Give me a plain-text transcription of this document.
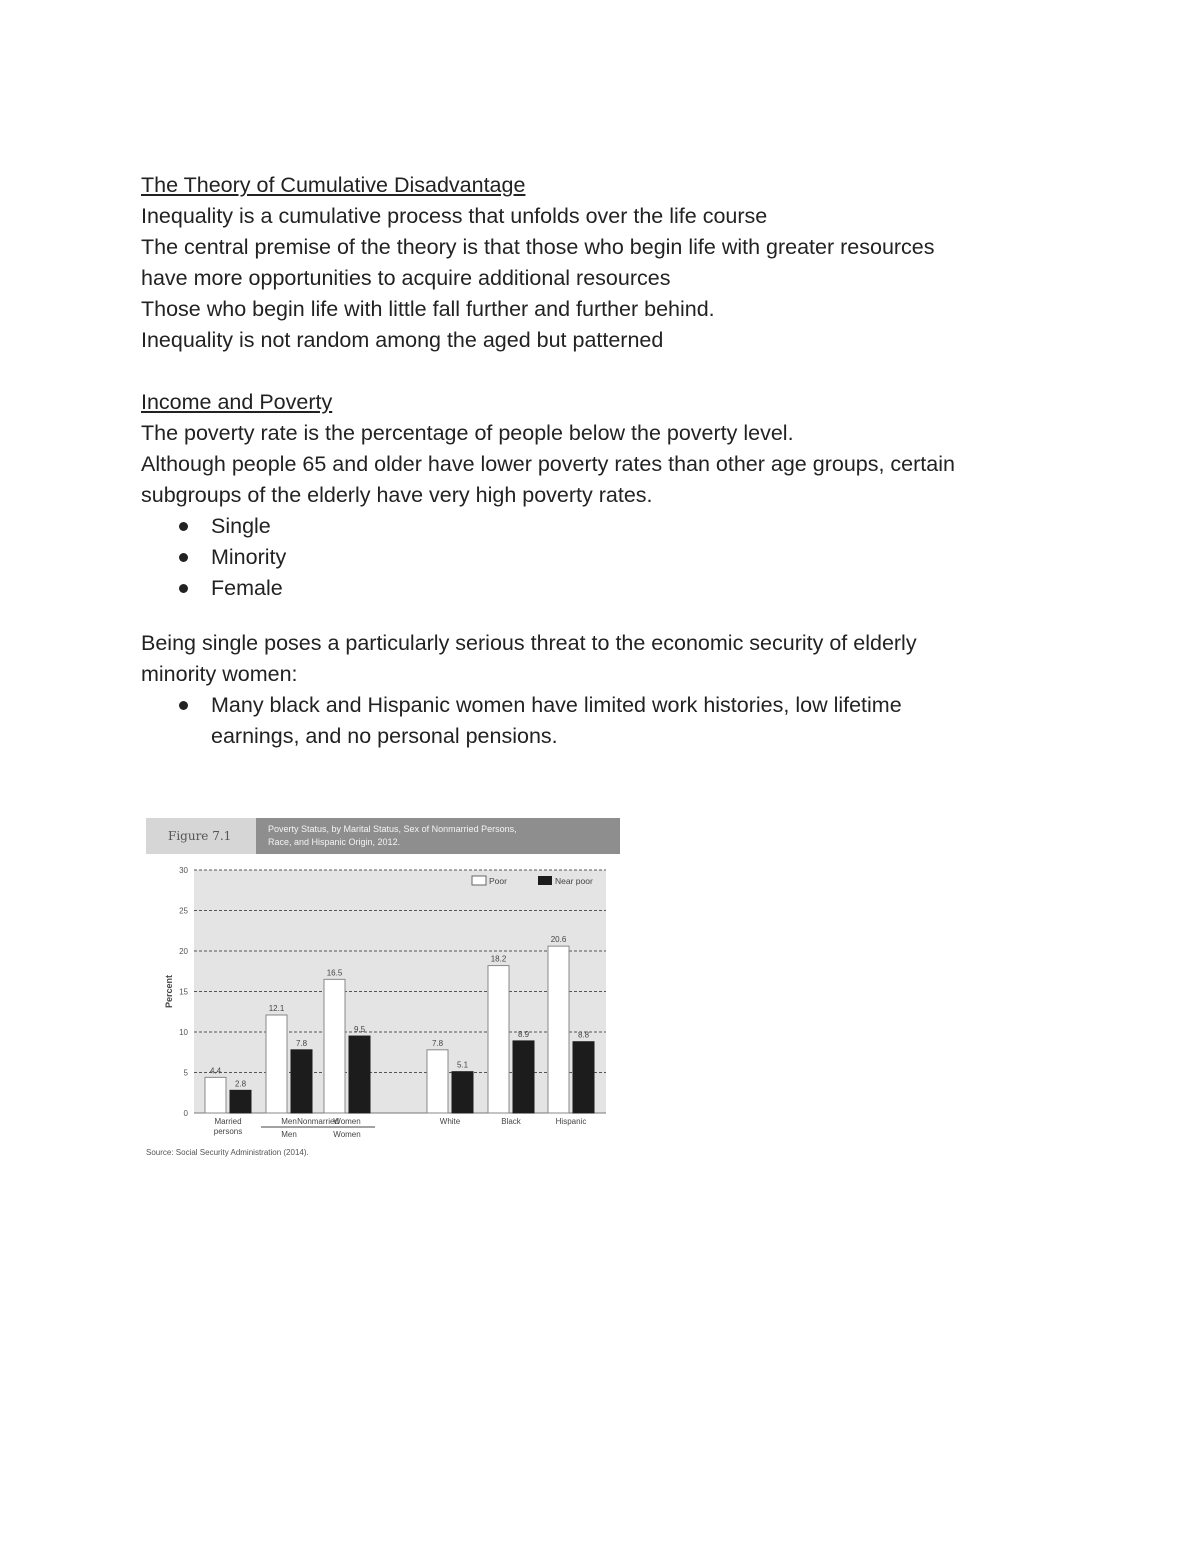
The Theory of Cumulative Disadvantage

Inequality is a cumulative process that unfolds over the life course

The central premise of the theory is that those who begin life with greater resources

have more opportunities to acquire additional resources

Those who begin life with little fall further and further behind.

Inequality is not random among the aged but patterned

Income and Poverty

The poverty rate is the percentage of people below the poverty level.

Although people 65 and older have lower poverty rates than other age groups, certain

subgroups of the elderly have very high poverty rates.

Single
Minority
Female

Being single poses a particularly serious threat to the economic security of elderly

minority women:

Many black and Hispanic women have limited work histories, low lifetime earnings, and no personal pensions.
Figure 7.1	Poverty Status, by Marital Status, Sex of Nonmarried Persons,
Race, and Hispanic Origin, 2012.
0
5
10
15
20
25
30
Percent
4.4
2.8
Married
persons
12.1
7.8
Men
16.5
9.5
Women
7.8
5.1
White
18.2
8.9
Black
20.6
8.8
Hispanic
Nonmarried
Men	Women
Poor	Near poor
Source: Social Security Administration (2014).
